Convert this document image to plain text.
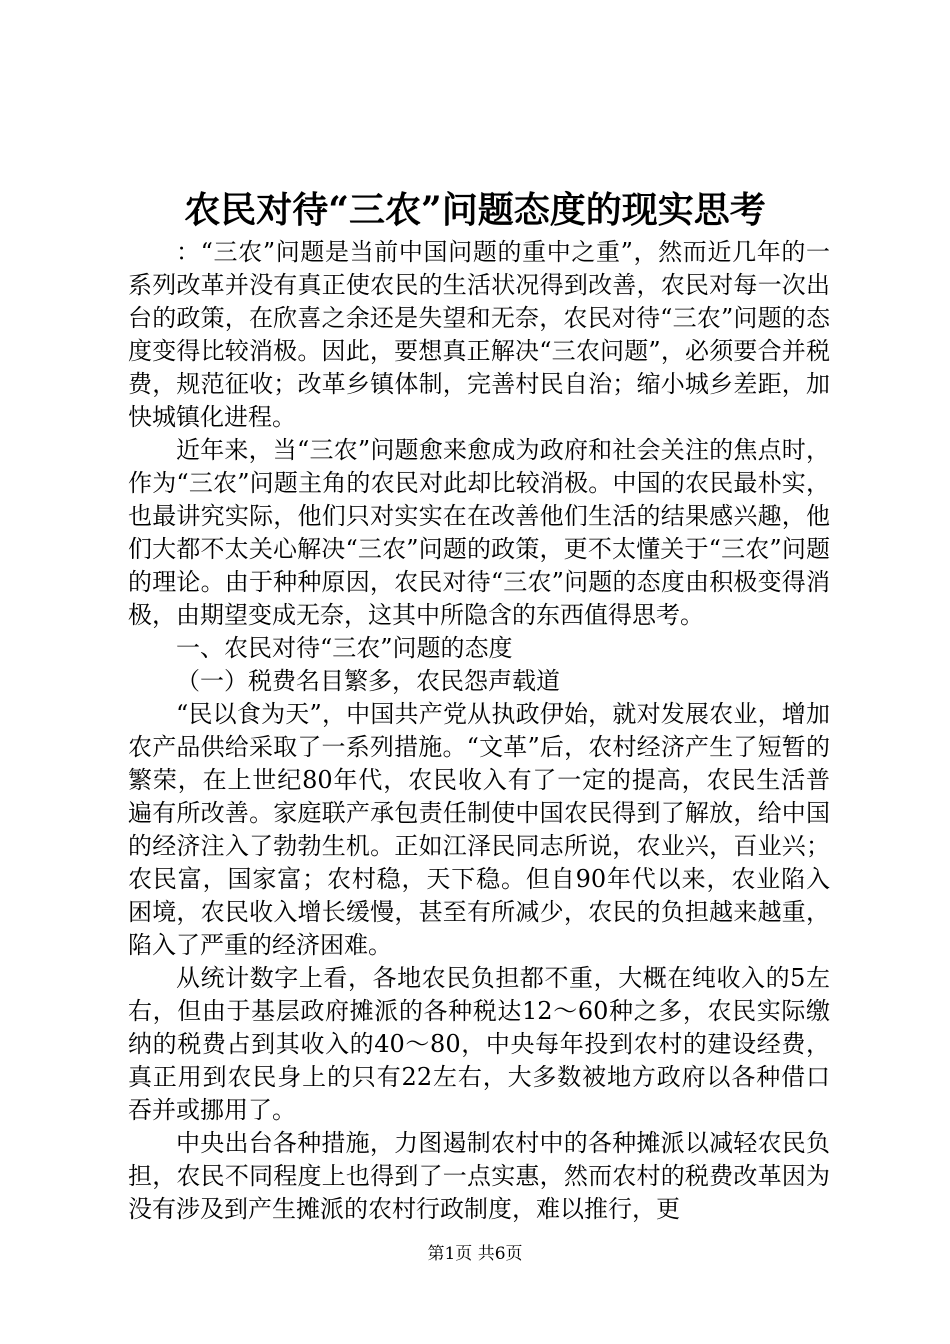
农民对待“三农”问题态度的现实思考

：“三农”问题是当前中国问题的重中之重”，然而近几年的一系列改革并没有真正使农民的生活状况得到改善，农民对每一次出台的政策，在欣喜之余还是失望和无奈，农民对待“三农”问题的态度变得比较消极。因此，要想真正解决“三农问题”，必须要合并税费，规范征收；改革乡镇体制，完善村民自治；缩小城乡差距，加快城镇化进程。

近年来，当“三农”问题愈来愈成为政府和社会关注的焦点时，作为“三农”问题主角的农民对此却比较消极。中国的农民最朴实，也最讲究实际，他们只对实实在在改善他们生活的结果感兴趣，他们大都不太关心解决“三农”问题的政策，更不太懂关于“三农”问题的理论。由于种种原因，农民对待“三农”问题的态度由积极变得消极，由期望变成无奈，这其中所隐含的东西值得思考。

一、农民对待“三农”问题的态度

（一）税费名目繁多，农民怨声载道

“民以食为天”，中国共产党从执政伊始，就对发展农业，增加农产品供给采取了一系列措施。“文革”后，农村经济产生了短暂的繁荣，在上世纪80年代，农民收入有了一定的提高，农民生活普遍有所改善。家庭联产承包责任制使中国农民得到了解放，给中国的经济注入了勃勃生机。正如江泽民同志所说，农业兴，百业兴；农民富，国家富；农村稳，天下稳。但自90年代以来，农业陷入困境，农民收入增长缓慢，甚至有所减少，农民的负担越来越重，陷入了严重的经济困难。

从统计数字上看，各地农民负担都不重，大概在纯收入的5左右，但由于基层政府摊派的各种税达12～60种之多，农民实际缴纳的税费占到其收入的40～80，中央每年投到农村的建设经费，真正用到农民身上的只有22左右，大多数被地方政府以各种借口吞并或挪用了。

中央出台各种措施，力图遏制农村中的各种摊派以减轻农民负担，农民不同程度上也得到了一点实惠，然而农村的税费改革因为没有涉及到产生摊派的农村行政制度，难以推行，更

第1页 共6页
